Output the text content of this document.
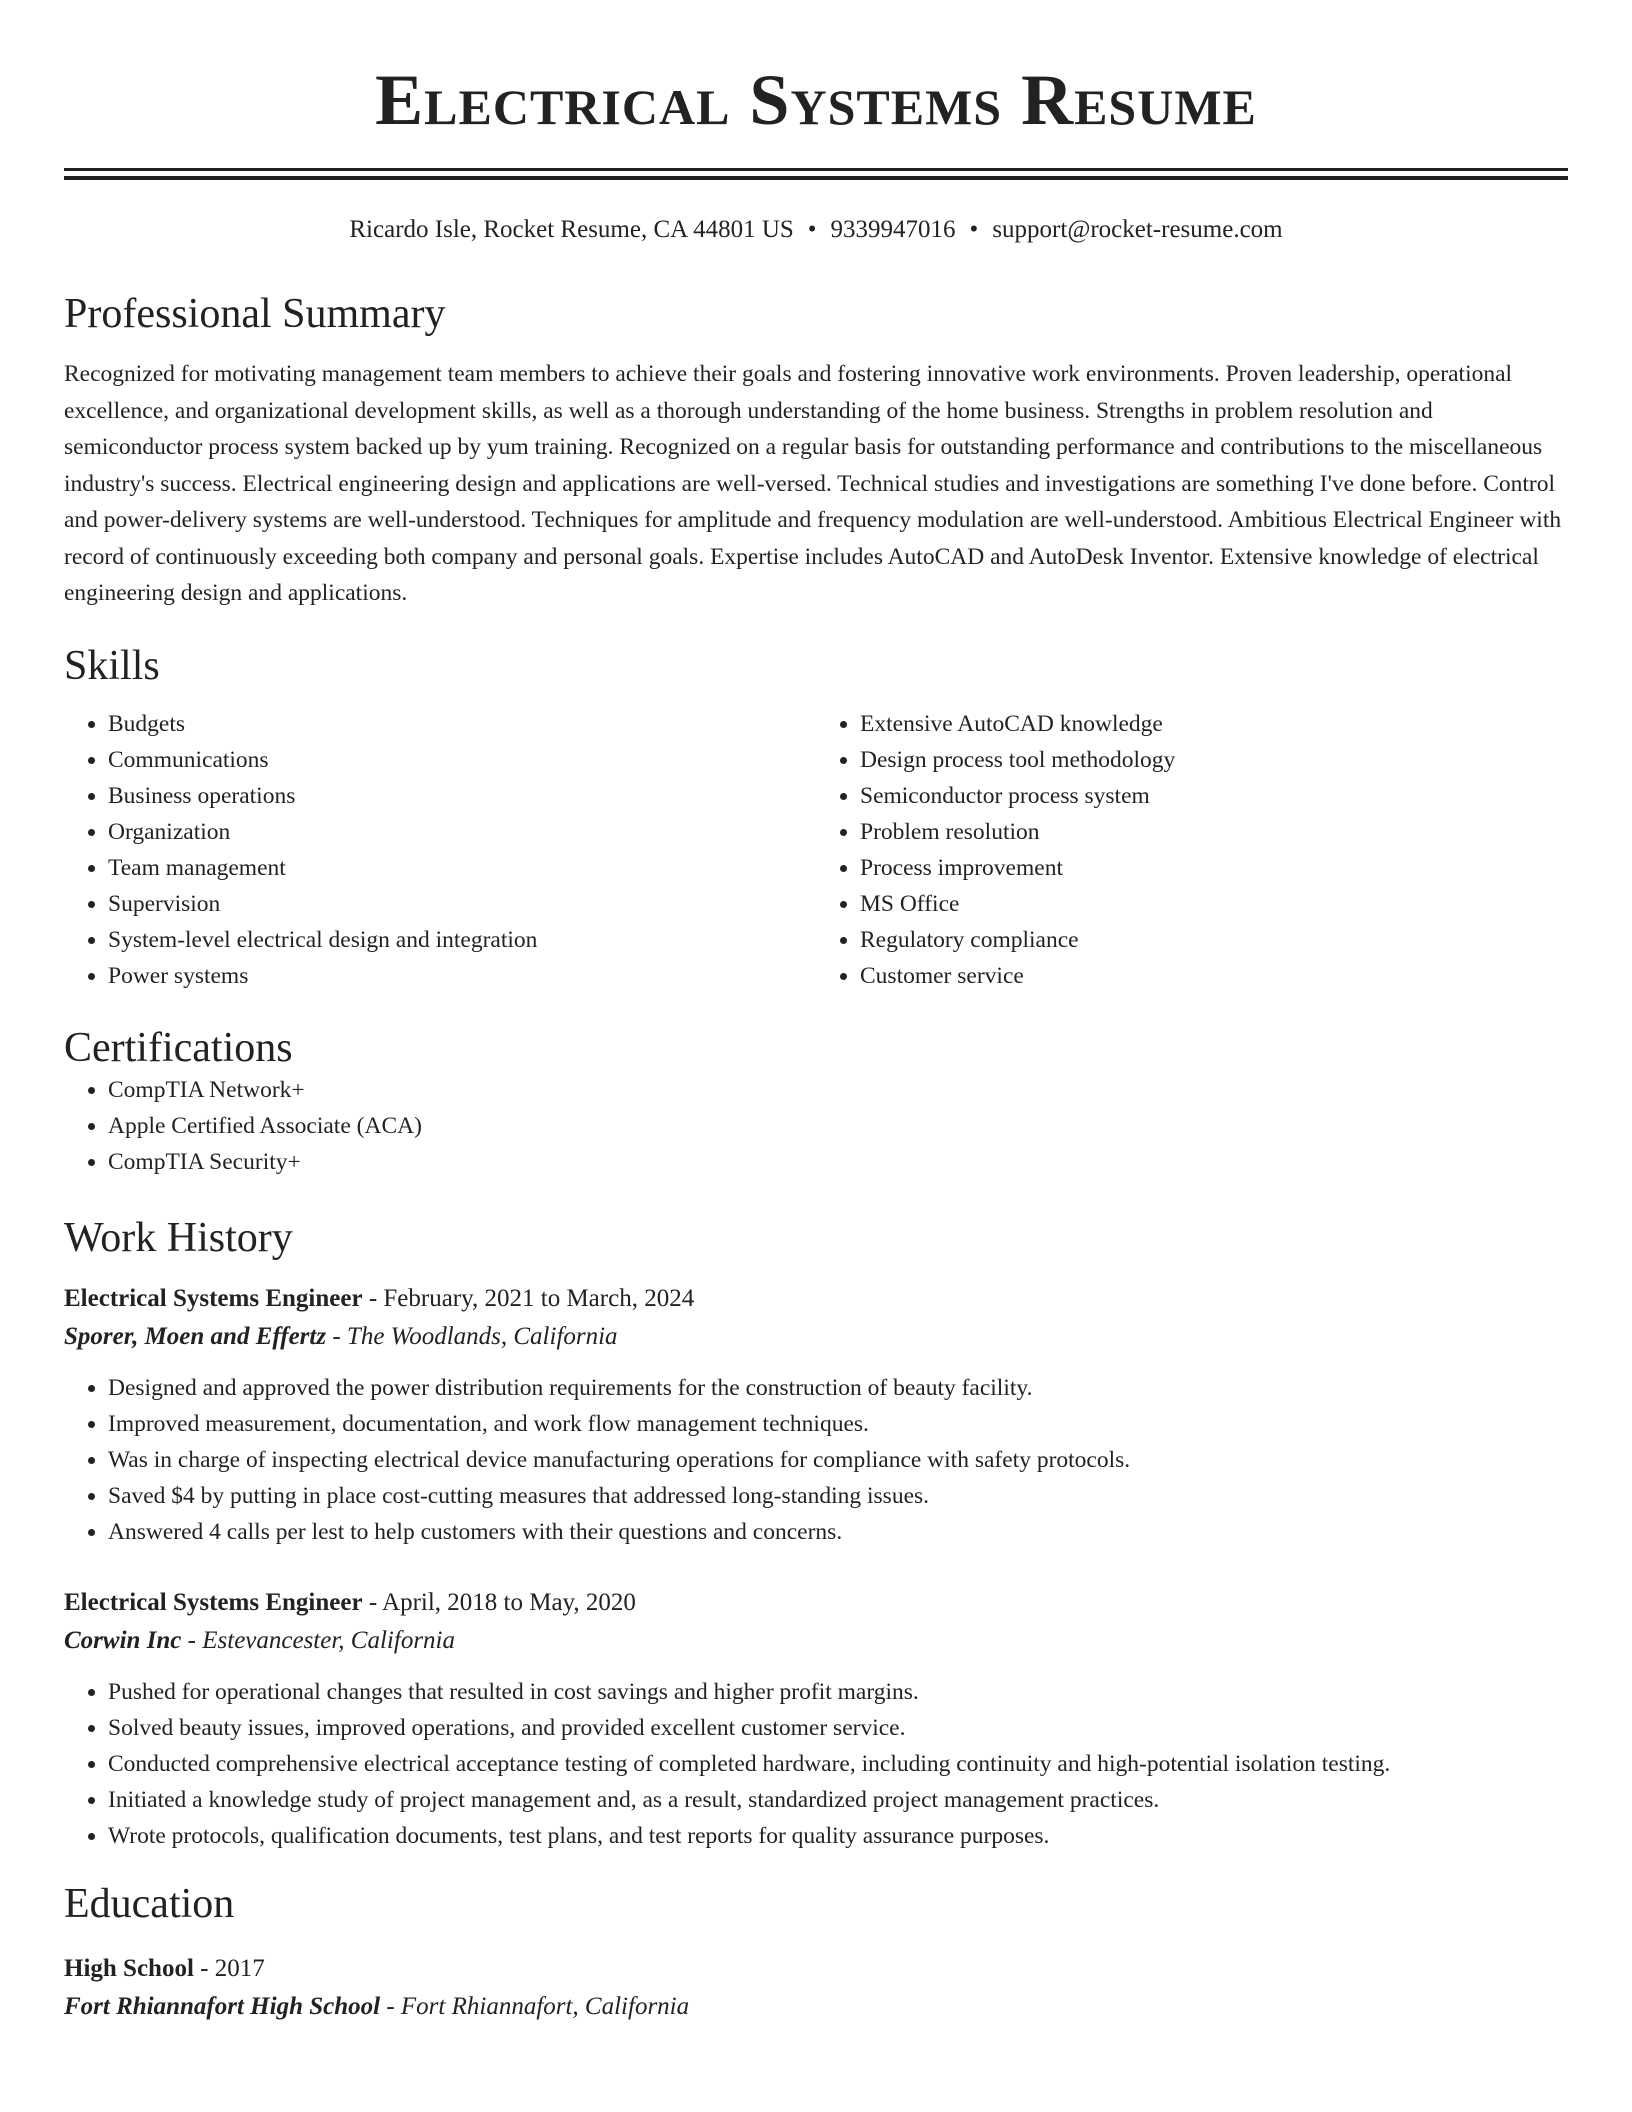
Electrical Systems Resume
Ricardo Isle, Rocket Resume, CA 44801 US • 9339947016 • support@rocket-resume.com
Professional Summary

Recognized for motivating management team members to achieve their goals and fostering innovative work environments. Proven leadership, operational excellence, and organizational development skills, as well as a thorough understanding of the home business. Strengths in problem resolution and semiconductor process system backed up by yum training. Recognized on a regular basis for outstanding performance and contributions to the miscellaneous industry's success. Electrical engineering design and applications are well-versed. Technical studies and investigations are something I've done before. Control and power-delivery systems are well-understood. Techniques for amplitude and frequency modulation are well-understood. Ambitious Electrical Engineer with record of continuously exceeding both company and personal goals. Expertise includes AutoCAD and AutoDesk Inventor. Extensive knowledge of electrical engineering design and applications.

Skills
• Budgets
• Communications
• Business operations
• Organization
• Team management
• Supervision
• System-level electrical design and integration
• Power systems
• Extensive AutoCAD knowledge
• Design process tool methodology
• Semiconductor process system
• Problem resolution
• Process improvement
• MS Office
• Regulatory compliance
• Customer service
Certifications
• CompTIA Network+
• Apple Certified Associate (ACA)
• CompTIA Security+
Work History
Electrical Systems Engineer - February, 2021 to March, 2024
Sporer, Moen and Effertz - The Woodlands, California
• Designed and approved the power distribution requirements for the construction of beauty facility.
• Improved measurement, documentation, and work flow management techniques.
• Was in charge of inspecting electrical device manufacturing operations for compliance with safety protocols.
• Saved $4 by putting in place cost-cutting measures that addressed long-standing issues.
• Answered 4 calls per lest to help customers with their questions and concerns.
Electrical Systems Engineer - April, 2018 to May, 2020
Corwin Inc - Estevancester, California
• Pushed for operational changes that resulted in cost savings and higher profit margins.
• Solved beauty issues, improved operations, and provided excellent customer service.
• Conducted comprehensive electrical acceptance testing of completed hardware, including continuity and high-potential isolation testing.
• Initiated a knowledge study of project management and, as a result, standardized project management practices.
• Wrote protocols, qualification documents, test plans, and test reports for quality assurance purposes.
Education
High School - 2017
Fort Rhiannafort High School - Fort Rhiannafort, California
